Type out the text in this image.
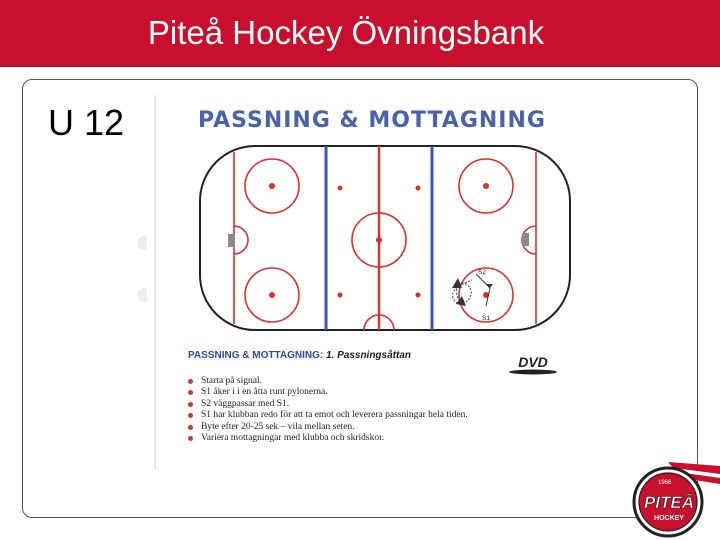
Piteå Hockey Övningsbank
U 12	PASSNING & MOTTAGNING
S2
S1
PASSNING & MOTTAGNING: 1. Passningsåttan	DVD
Starta på signal.
S1 åker i i en åtta runt pylonerna.
S2 väggpassar med S1.
S1 har klubban redo för att ta emot och leverera passningar hela tiden.
Byte efter 20-25 sek – vila mellan seten.
Variera mottagningar med klubba och skridskor.
1966
PITEÅ
HOCKEY
